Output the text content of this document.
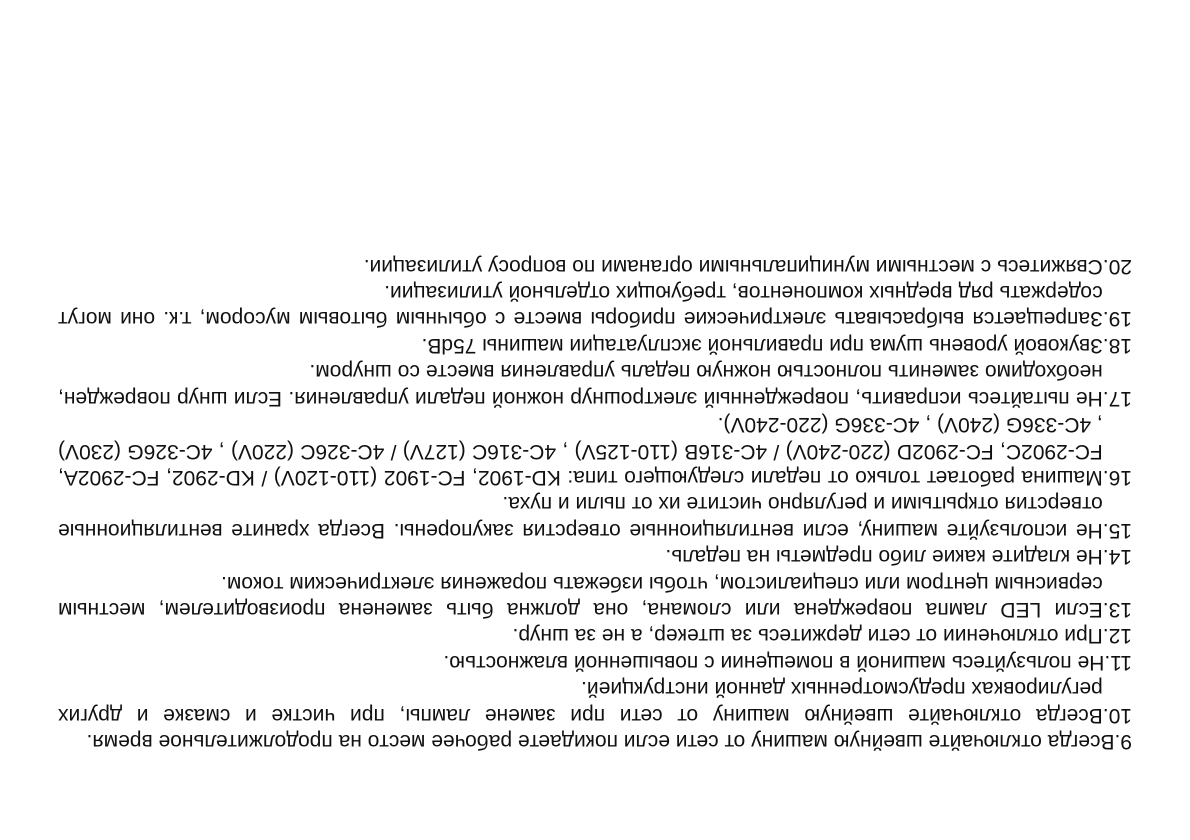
9.
Всегда отключайте швейную машину от сети если покидаете рабочее место на продолжительное время.
10.
Всегда отключайте швейную машину от сети при замене лампы, при чистке и смазке и других регулировках предусмотренных данной инструкцией.
11.
Не пользуйтесь машиной в помещении с повышенной влажностью.
12.
При отключении от сети держитесь за штекер, а не за шнур.
13.
Если LED лампа повреждена или сломана, она должна быть заменена производителем, местным сервисным центром или специалистом, чтобы избежать поражения электрическим током.
14.
Не кладите какие либо предметы на педаль.
15.
Не используйте машину, если вентиляционные отверстия закупорены. Всегда храните вентиляционные отверстия открытыми и регулярно чистите их от пыли и пуха.
16.
Машина работает только от педали следующего типа: KD-1902, FC-1902 (110-120V) / KD-2902, FC-2902A, FC-2902C, FC-2902D (220-240V) / 4C-316B (110-125V) , 4C-316C (127V) / 4C-326C (220V) , 4C-326G (230V) , 4C-336G (240V) , 4C-336G (220-240V).
17.
Не пытайтесь исправить, поврежденный электрошнур ножной педали управления. Если шнур поврежден, необходимо заменить полностью ножную педаль управления вместе со шнуром.
18.
Звуковой уровень шума при правильной эксплуатации машины 75dB.
19.
Запрещается выбрасывать электрические приборы вместе с обычным бытовым мусором, т.к. они могут содержать ряд вредных компонентов, требующих отдельной утилизации.
20.
Свяжитесь с местными муниципальными органами по вопросу утилизации.
